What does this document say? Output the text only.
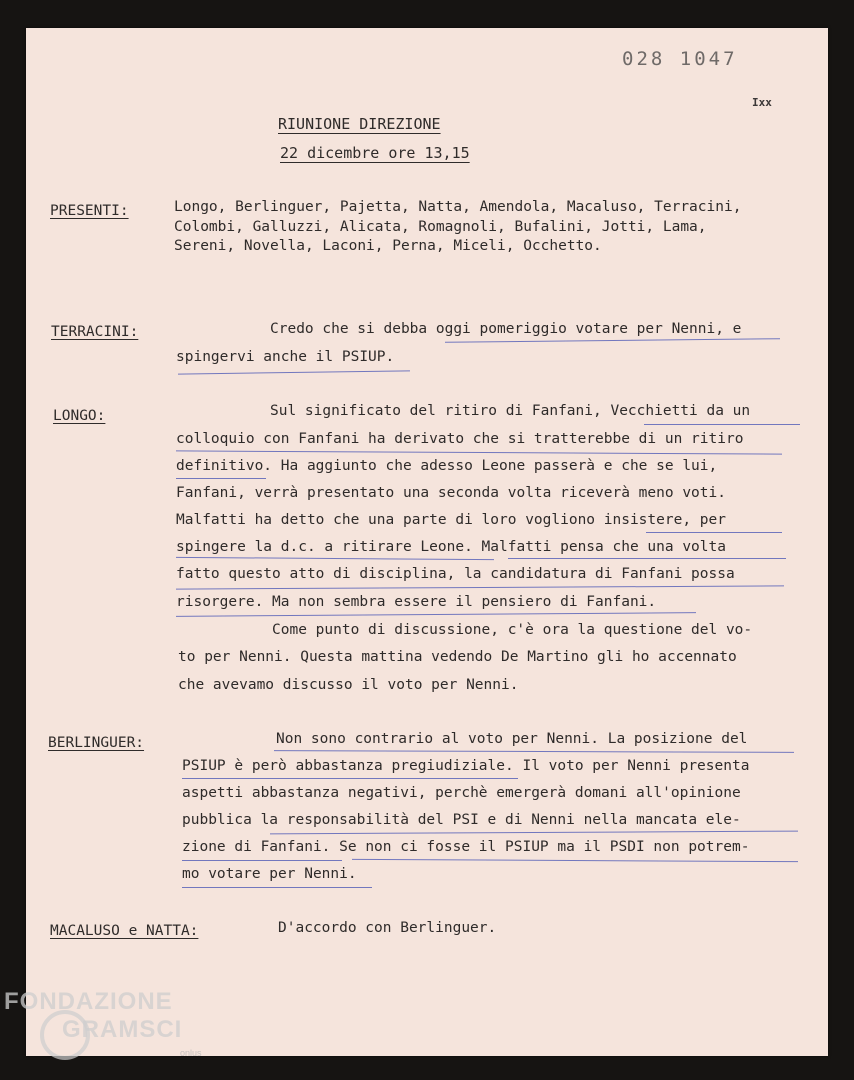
028 1047
Ixx
RIUNIONE DIREZIONE
22 dicembre ore 13,15
PRESENTI:	Longo, Berlinguer, Pajetta, Natta, Amendola, Macaluso, Terracini,
Colombi, Galluzzi, Alicata, Romagnoli, Bufalini, Jotti, Lama,
Sereni, Novella, Laconi, Perna, Miceli, Occhetto.
TERRACINI:	Credo che si debba oggi pomeriggio votare per Nenni, e
spingervi anche il PSIUP.
LONGO:	Sul significato del ritiro di Fanfani, Vecchietti da un
colloquio con Fanfani ha derivato che si tratterebbe di un ritiro
definitivo. Ha aggiunto che adesso Leone passerà e che se lui,
Fanfani, verrà presentato una seconda volta riceverà meno voti.
Malfatti ha detto che una parte di loro vogliono insistere, per
spingere la d.c. a ritirare Leone. Malfatti pensa che una volta
fatto questo atto di disciplina, la candidatura di Fanfani possa
risorgere. Ma non sembra essere il pensiero di Fanfani.
Come punto di discussione, c'è ora la questione del vo-
to per Nenni. Questa mattina vedendo De Martino gli ho accennato
che avevamo discusso il voto per Nenni.
BERLINGUER:	Non sono contrario al voto per Nenni. La posizione del
PSIUP è però abbastanza pregiudiziale. Il voto per Nenni presenta
aspetti abbastanza negativi, perchè emergerà domani all'opinione
pubblica la responsabilità del PSI e di Nenni nella mancata ele-
zione di Fanfani. Se non ci fosse il PSIUP ma il PSDI non potrem-
mo votare per Nenni.
MACALUSO e NATTA:	D'accordo con Berlinguer.
FONDAZIONE
GRAMSCI
onlus
